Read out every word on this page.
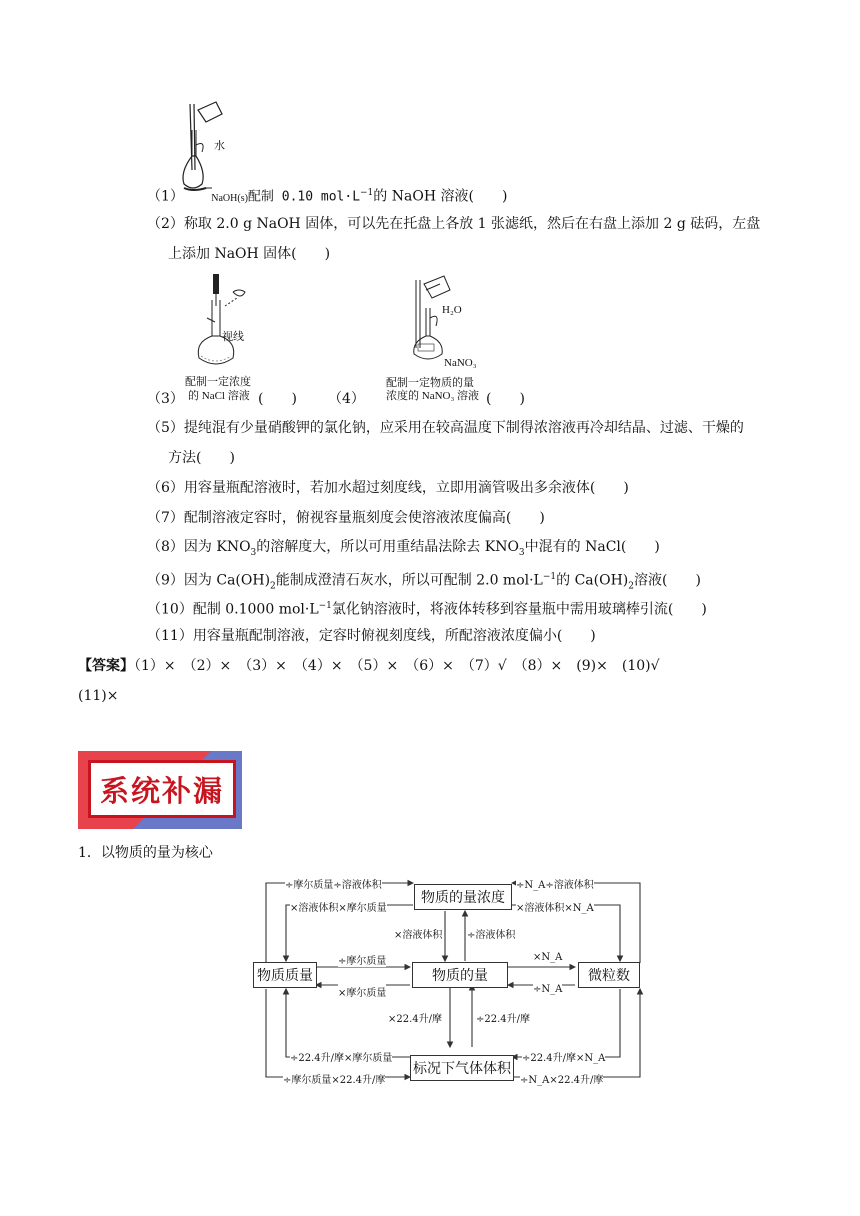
水
（1）	NaOH(s)配制 0.10 $mol\cdot L^{-1}$的 NaOH 溶液(　　)
（2）称取 2.0 g NaOH 固体，可以先在托盘上各放 1 张滤纸，然后在右盘上添加 2 g 砝码，左盘
上添加 NaOH 固体(　　)
视线
配制一定浓度
的 NaCl 溶液
H₂O
NaNO₃
配制一定物质的量
浓度的 NaNO₃ 溶液
（3）	(　　) （4）	(　　)
（5）提纯混有少量硝酸钾的氯化钠，应采用在较高温度下制得浓溶液再冷却结晶、过滤、干燥的
方法(　　)
（6）用容量瓶配溶液时，若加水超过刻度线，立即用滴管吸出多余液体(　　)
（7）配制溶液定容时，俯视容量瓶刻度会使溶液浓度偏高(　　)
（8）因为 $KNO_3$的溶解度大，所以可用重结晶法除去 $KNO_3$中混有的 NaCl(　　)
（9）因为 $Ca(OH)_2$能制成澄清石灰水，所以可配制 2.0 $mol\cdot L^{-1}$的 $Ca(OH)_2$溶液(　　)
（10）配制 0.1000 $mol\cdot L^{-1}$氯化钠溶液时，将液体转移到容量瓶中需用玻璃棒引流(　　)
（11）用容量瓶配制溶液，定容时俯视刻度线，所配溶液浓度偏小(　　)
【答案】（1）×　（2）×　（3）×　（4）×　（5）×　（6）×　（7）√　（8）×　(9)×　(10)√
(11)×
系统补漏
1．以物质的量为核心
物质的量浓度
物质质量	物质的量	微粒数
标况下气体体积
÷摩尔质量÷溶液体积
×溶液体积×摩尔质量
÷N_A÷溶液体积
×溶液体积×N_A
×溶液体积 ÷溶液体积
÷摩尔质量
×摩尔质量
×N_A
÷N_A
×22.4升/摩	÷22.4升/摩
÷22.4升/摩×摩尔质量
÷摩尔质量×22.4升/摩
÷22.4升/摩×N_A
÷N_A×22.4升/摩
